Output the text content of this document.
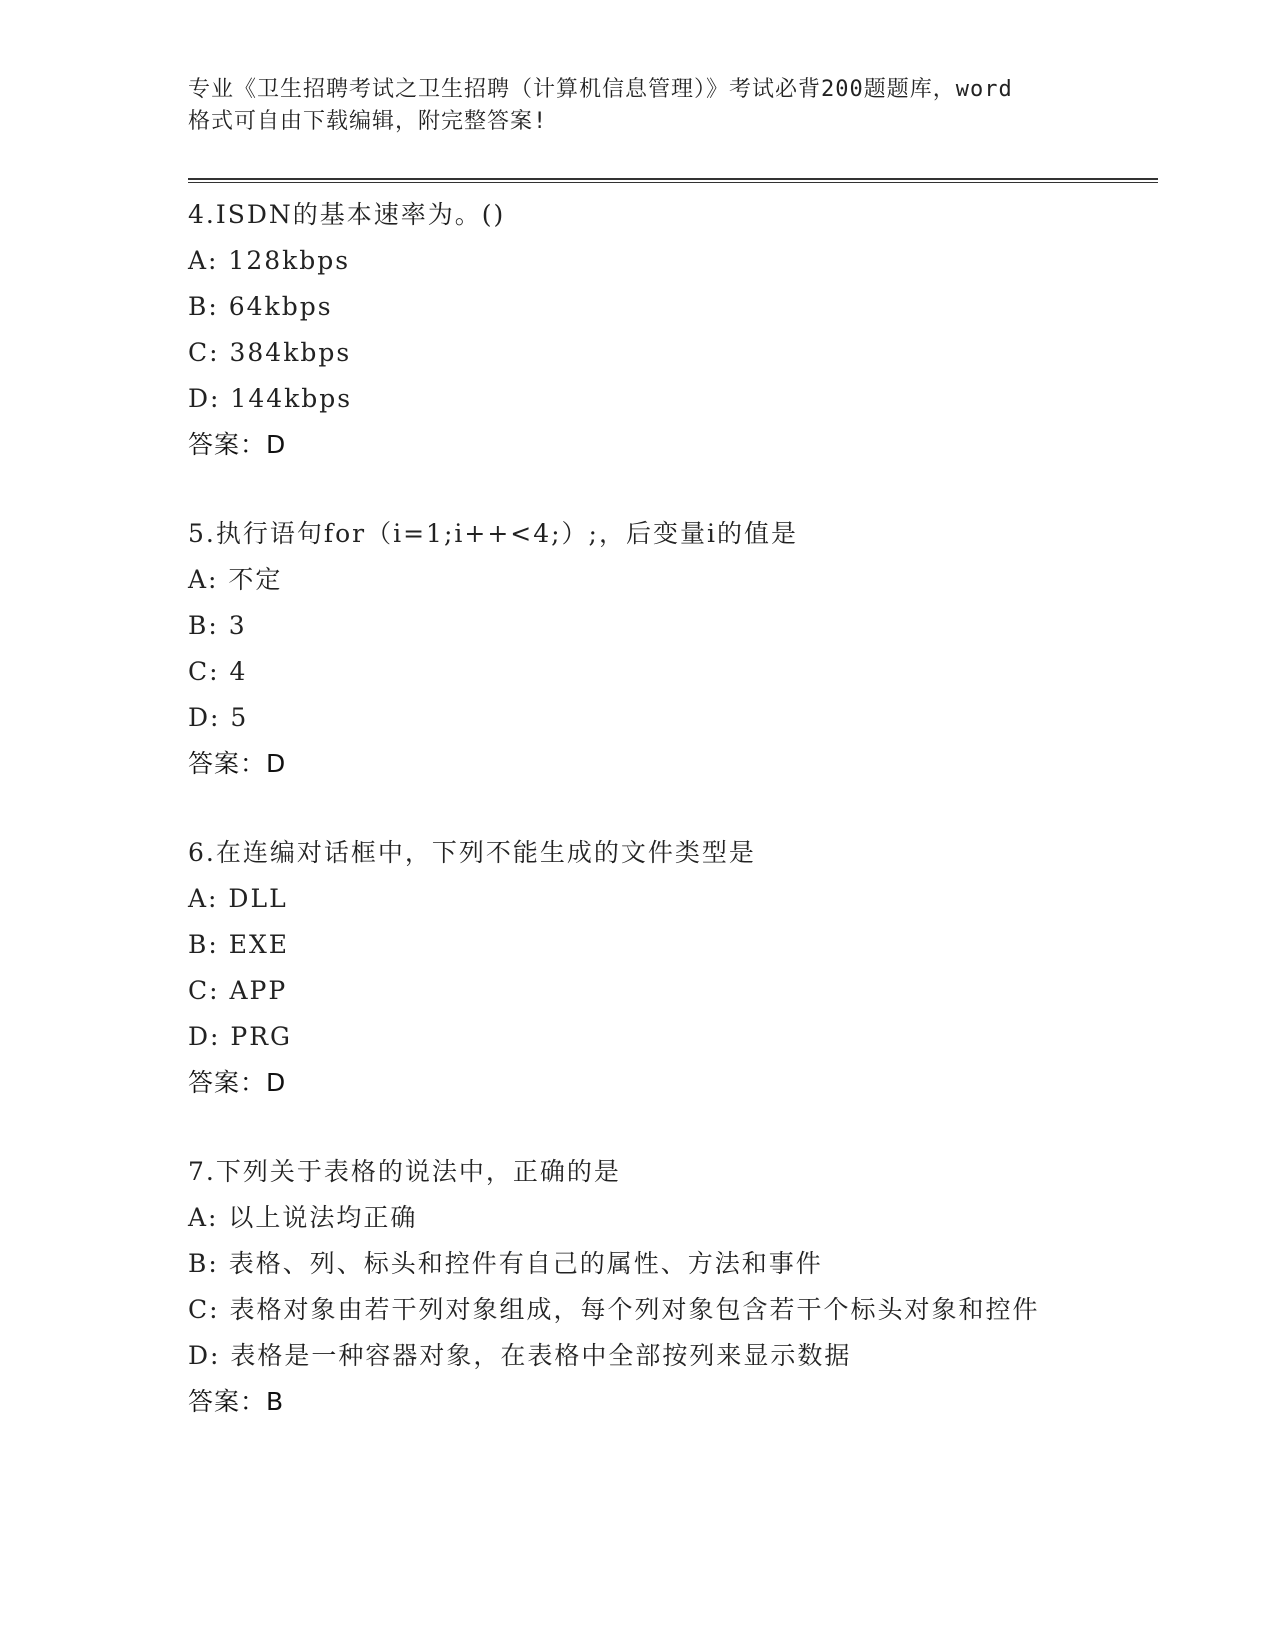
专业《卫生招聘考试之卫生招聘（计算机信息管理）》考试必背200题题库，word
格式可自由下载编辑，附完整答案!
4.ISDN的基本速率为。()
A: 128kbps
B: 64kbps
C: 384kbps
D: 144kbps
答案：D
5.执行语句for（i=1;i++<4;）;，后变量i的值是
A: 不定
B: 3
C: 4
D: 5
答案：D
6.在连编对话框中，下列不能生成的文件类型是
A: DLL
B: EXE
C: APP
D: PRG
答案：D
7.下列关于表格的说法中，正确的是
A: 以上说法均正确
B: 表格、列、标头和控件有自己的属性、方法和事件
C: 表格对象由若干列对象组成，每个列对象包含若干个标头对象和控件
D: 表格是一种容器对象，在表格中全部按列来显示数据
答案：B
